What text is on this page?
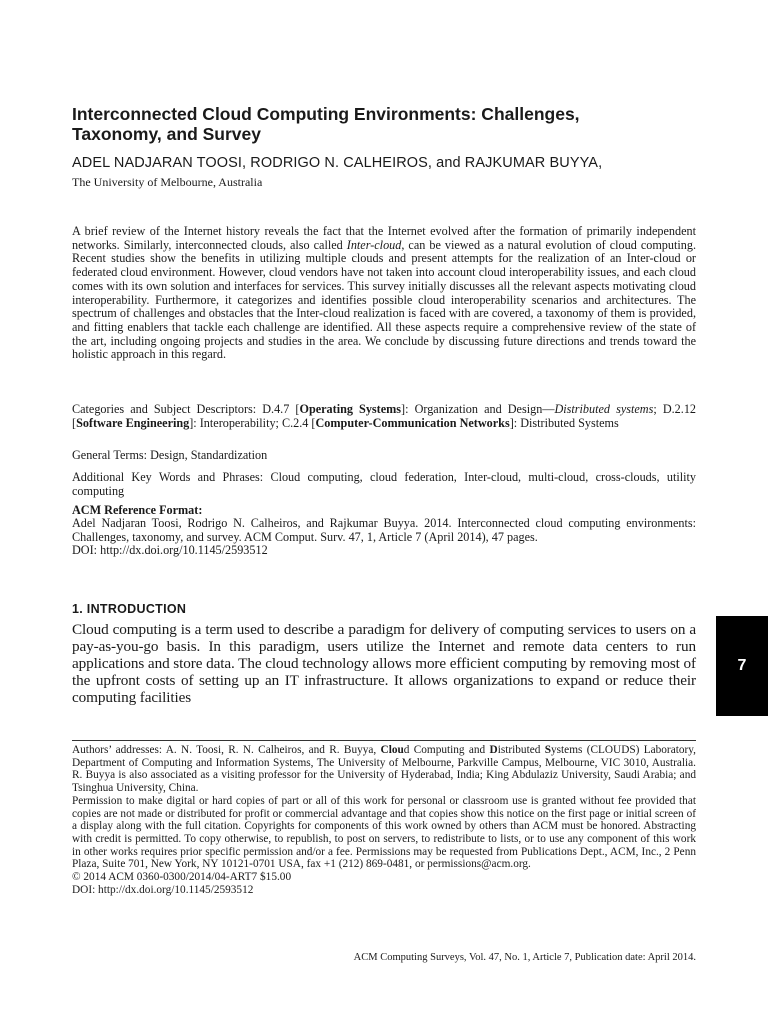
Interconnected Cloud Computing Environments: Challenges,
Taxonomy, and Survey

ADEL NADJARAN TOOSI, RODRIGO N. CALHEIROS, and RAJKUMAR BUYYA,

The University of Melbourne, Australia

A brief review of the Internet history reveals the fact that the Internet evolved after the formation of primarily independent networks. Similarly, interconnected clouds, also called Inter-cloud, can be viewed as a natural evolution of cloud computing. Recent studies show the benefits in utilizing multiple clouds and present attempts for the realization of an Inter-cloud or federated cloud environment. However, cloud vendors have not taken into account cloud interoperability issues, and each cloud comes with its own solution and interfaces for services. This survey initially discusses all the relevant aspects motivating cloud interoperability. Furthermore, it categorizes and identifies possible cloud interoperability scenarios and architectures. The spectrum of challenges and obstacles that the Inter-cloud realization is faced with are covered, a taxonomy of them is provided, and fitting enablers that tackle each challenge are identified. All these aspects require a comprehensive review of the state of the art, including ongoing projects and studies in the area. We conclude by discussing future directions and trends toward the holistic approach in this regard.

Categories and Subject Descriptors: D.4.7 [Operating Systems]: Organization and Design—Distributed systems; D.2.12 [Software Engineering]: Interoperability; C.2.4 [Computer-Communication Networks]: Distributed Systems

General Terms: Design, Standardization

Additional Key Words and Phrases: Cloud computing, cloud federation, Inter-cloud, multi-cloud, cross-clouds, utility computing

ACM Reference Format:

Adel Nadjaran Toosi, Rodrigo N. Calheiros, and Rajkumar Buyya. 2014. Interconnected cloud computing environments: Challenges, taxonomy, and survey. ACM Comput. Surv. 47, 1, Article 7 (April 2014), 47 pages.
DOI: http://dx.doi.org/10.1145/2593512

1. INTRODUCTION

Cloud computing is a term used to describe a paradigm for delivery of computing services to users on a pay-as-you-go basis. In this paradigm, users utilize the Internet and remote data centers to run applications and store data. The cloud technology allows more efficient computing by removing most of the upfront costs of setting up an IT infrastructure. It allows organizations to expand or reduce their computing facilities

Authors’ addresses: A. N. Toosi, R. N. Calheiros, and R. Buyya, Cloud Computing and Distributed Systems (CLOUDS) Laboratory, Department of Computing and Information Systems, The University of Melbourne, Parkville Campus, Melbourne, VIC 3010, Australia. R. Buyya is also associated as a visiting professor for the University of Hyderabad, India; King Abdulaziz University, Saudi Arabia; and Tsinghua University, China.
Permission to make digital or hard copies of part or all of this work for personal or classroom use is granted without fee provided that copies are not made or distributed for profit or commercial advantage and that copies show this notice on the first page or initial screen of a display along with the full citation. Copyrights for components of this work owned by others than ACM must be honored. Abstracting with credit is permitted. To copy otherwise, to republish, to post on servers, to redistribute to lists, or to use any component of this work in other works requires prior specific permission and/or a fee. Permissions may be requested from Publications Dept., ACM, Inc., 2 Penn Plaza, Suite 701, New York, NY 10121-0701 USA, fax +1 (212) 869-0481, or permissions@acm.org.
© 2014 ACM 0360-0300/2014/04-ART7 $15.00
DOI: http://dx.doi.org/10.1145/2593512
ACM Computing Surveys, Vol. 47, No. 1, Article 7, Publication date: April 2014.
7
